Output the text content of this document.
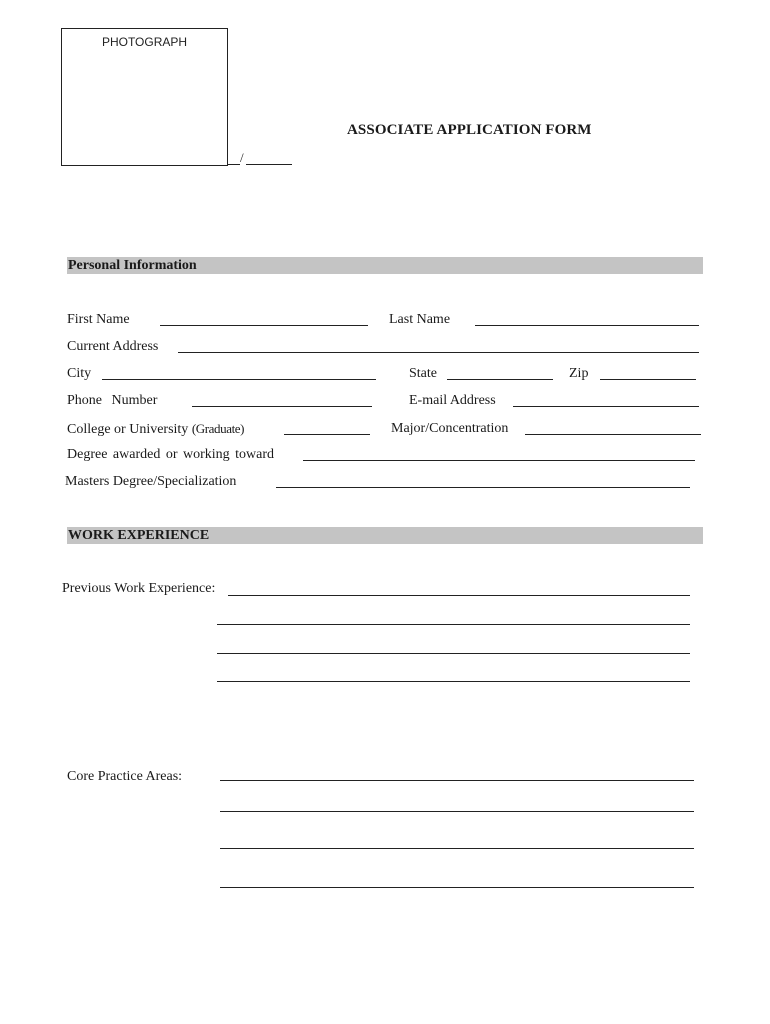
PHOTOGRAPH
/
ASSOCIATE APPLICATION FORM
Personal Information
First Name	Last Name
Current Address
City	State	Zip
Phone Number	E-mail Address
College or University (Graduate)	Major/Concentration
Degree awarded or working toward
Masters Degree/Specialization
WORK EXPERIENCE
Previous Work Experience:
Core Practice Areas:
